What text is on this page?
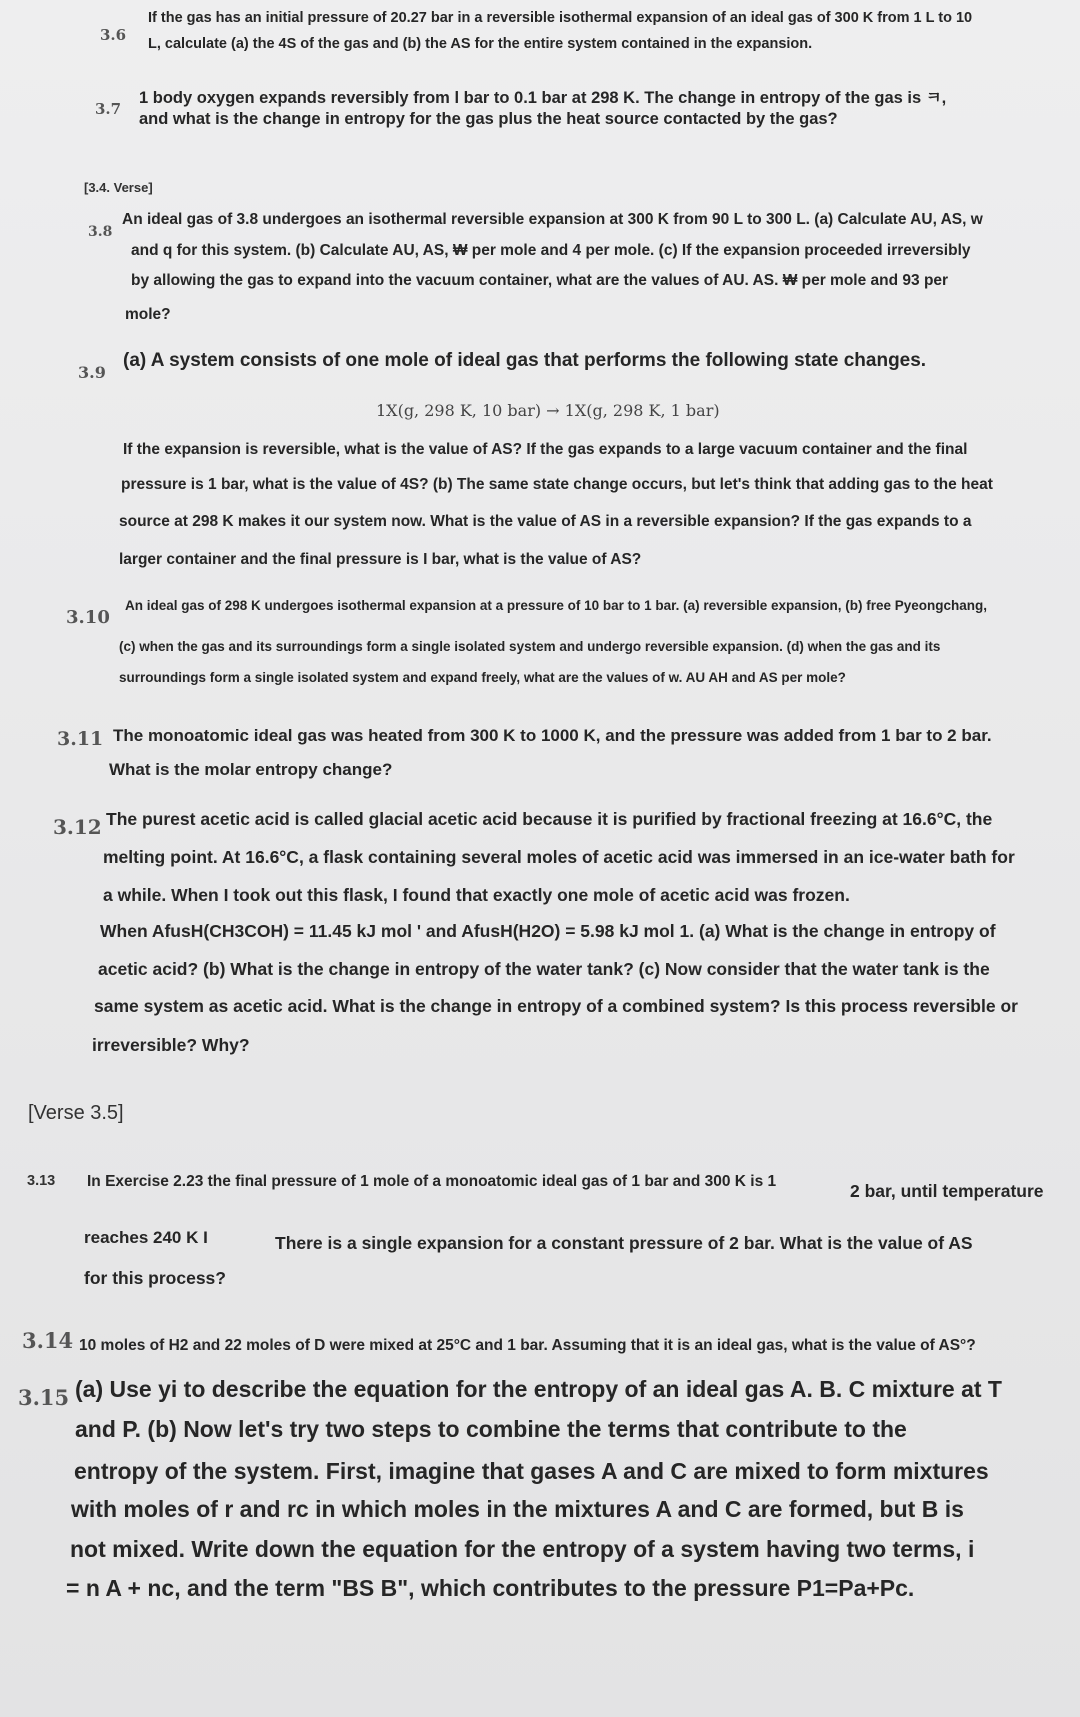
3.6

If the gas has an initial pressure of 20.27 bar in a reversible isothermal expansion of an ideal gas of 300 K from 1 L to 10

L, calculate (a) the 4S of the gas and (b) the AS for the entire system contained in the expansion.

3.7

1 body oxygen expands reversibly from l bar to 0.1 bar at 298 K. The change in entropy of the gas is ㅋ,

and what is the change in entropy for the gas plus the heat source contacted by the gas?

[3.4. Verse]
3.8

An ideal gas of 3.8 undergoes an isothermal reversible expansion at 300 K from 90 L to 300 L. (a) Calculate AU, AS, w

and q for this system. (b) Calculate AU, AS, ₩ per mole and 4 per mole. (c) If the expansion proceeded irreversibly

by allowing the gas to expand into the vacuum container, what are the values of AU. AS. ₩ per mole and 93 per

mole?

3.9

(a) A system consists of one mole of ideal gas that performs the following state changes.

1X(g, 298 K, 10 bar) → 1X(g, 298 K, 1 bar)

If the expansion is reversible, what is the value of AS? If the gas expands to a large vacuum container and the final

pressure is 1 bar, what is the value of 4S? (b) The same state change occurs, but let's think that adding gas to the heat

source at 298 K makes it our system now. What is the value of AS in a reversible expansion? If the gas expands to a

larger container and the final pressure is I bar, what is the value of AS?

3.10

An ideal gas of 298 K undergoes isothermal expansion at a pressure of 10 bar to 1 bar. (a) reversible expansion, (b) free Pyeongchang,

(c) when the gas and its surroundings form a single isolated system and undergo reversible expansion. (d) when the gas and its

surroundings form a single isolated system and expand freely, what are the values of w. AU AH and AS per mole?

3.11 The monoatomic ideal gas was heated from 300 K to 1000 K, and the pressure was added from 1 bar to 2 bar.

What is the molar entropy change?

3.12 The purest acetic acid is called glacial acetic acid because it is purified by fractional freezing at 16.6°C, the

melting point. At 16.6°C, a flask containing several moles of acetic acid was immersed in an ice-water bath for

a while. When I took out this flask, I found that exactly one mole of acetic acid was frozen.

When AfusH(CH3COH) = 11.45 kJ mol ' and AfusH(H2O) = 5.98 kJ mol 1. (a) What is the change in entropy of

acetic acid? (b) What is the change in entropy of the water tank? (c) Now consider that the water tank is the

same system as acetic acid. What is the change in entropy of a combined system? Is this process reversible or

irreversible? Why?

[Verse 3.5]
3.13 In Exercise 2.23 the final pressure of 1 mole of a monoatomic ideal gas of 1 bar and 300 K is 1	2 bar, until temperature

reaches 240 K I	There is a single expansion for a constant pressure of 2 bar. What is the value of AS

for this process?

3.14 10 moles of H2 and 22 moles of D were mixed at 25°C and 1 bar. Assuming that it is an ideal gas, what is the value of AS°?

3.15 (a) Use yi to describe the equation for the entropy of an ideal gas A. B. C mixture at T

and P. (b) Now let's try two steps to combine the terms that contribute to the

entropy of the system. First, imagine that gases A and C are mixed to form mixtures

with moles of r and rc in which moles in the mixtures A and C are formed, but B is

not mixed. Write down the equation for the entropy of a system having two terms, i

= n A + nc, and the term "BS B", which contributes to the pressure P1=Pa+Pc.
